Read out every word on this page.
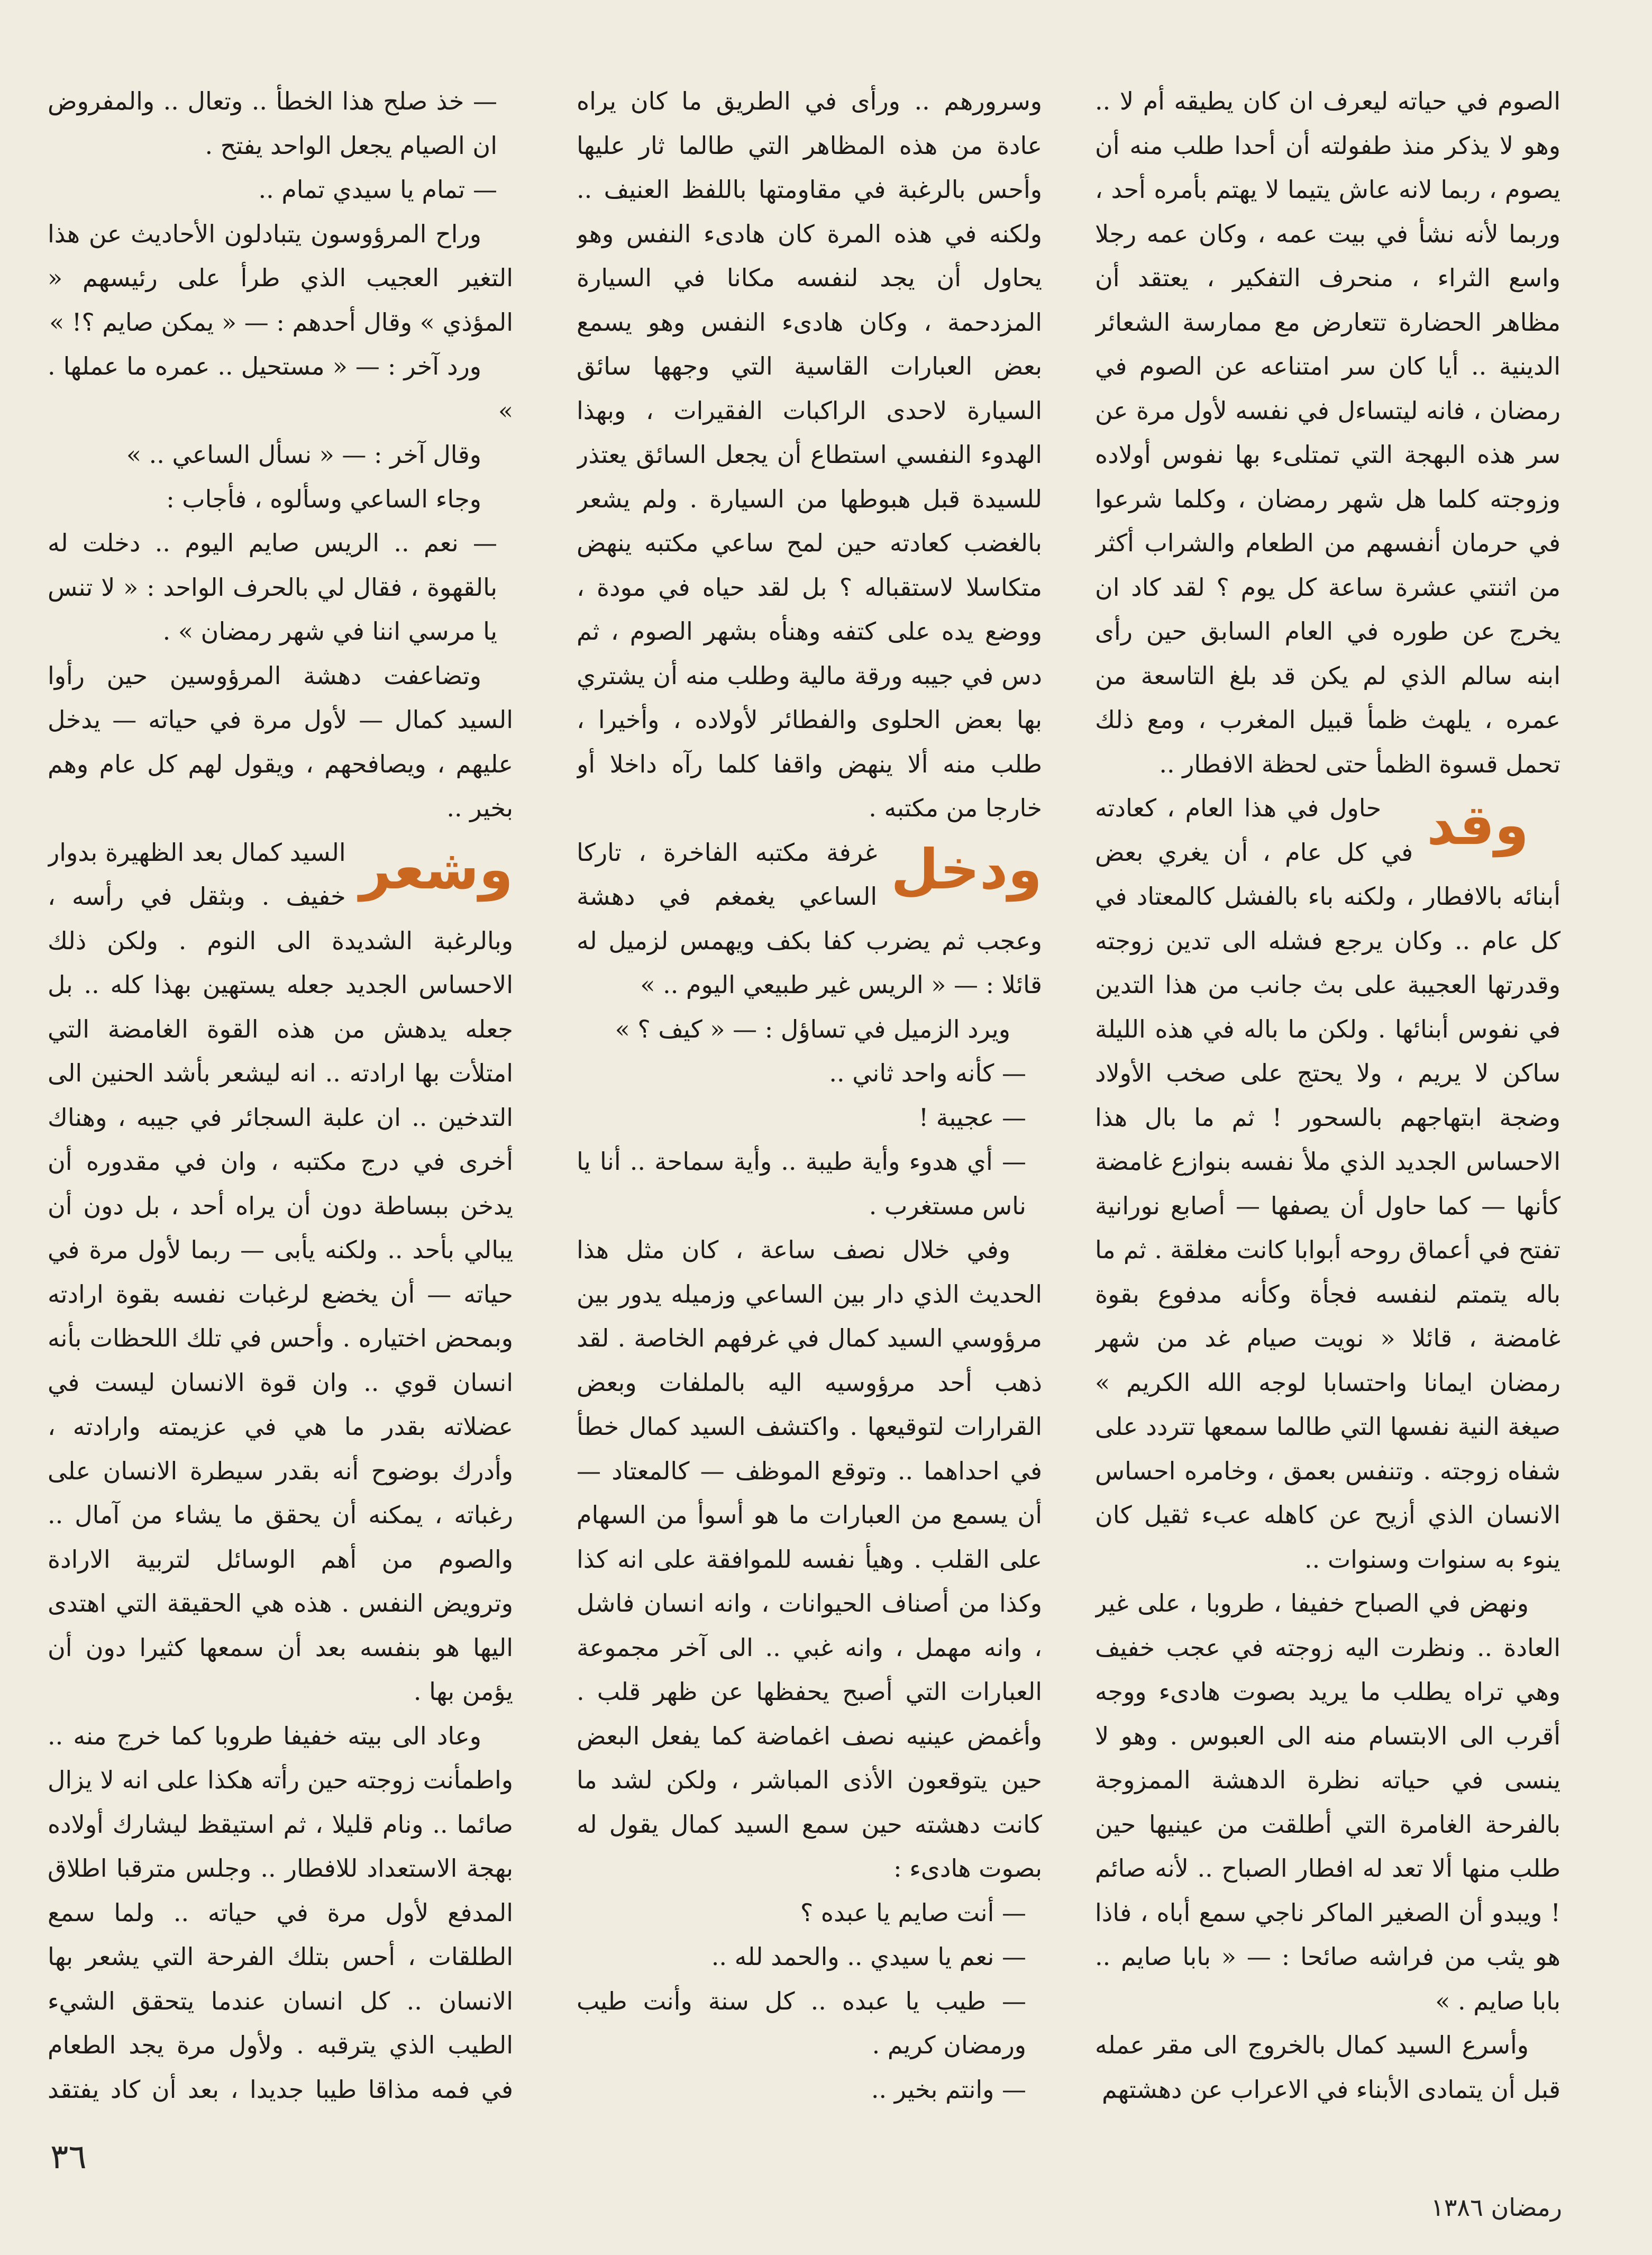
الصوم في حياته ليعرف ان كان يطيقه أم لا .. وهو لا يذكر منذ طفولته أن أحدا طلب منه أن يصوم ، ربما لانه عاش يتيما لا يهتم بأمره أحد ، وربما لأنه نشأ في بيت عمه ، وكان عمه رجلا واسع الثراء ، منحرف التفكير ، يعتقد أن مظاهر الحضارة تتعارض مع ممارسة الشعائر الدينية .. أيا كان سر امتناعه عن الصوم في رمضان ، فانه ليتساءل في نفسه لأول مرة عن سر هذه البهجة التي تمتلىء بها نفوس أولاده وزوجته كلما هل شهر رمضان ، وكلما شرعوا في حرمان أنفسهم من الطعام والشراب أكثر من اثنتي عشرة ساعة كل يوم ؟ لقد كاد ان يخرج عن طوره في العام السابق حين رأى ابنه سالم الذي لم يكن قد بلغ التاسعة من عمره ، يلهث ظمأ قبيل المغرب ، ومع ذلك تحمل قسوة الظمأ حتى لحظة الافطار ..

وقد
حاول في هذا العام ، كعادته في كل عام ، أن يغري بعض أبنائه بالافطار ، ولكنه باء بالفشل كالمعتاد في كل عام .. وكان يرجع فشله الى تدين زوجته وقدرتها العجيبة على بث جانب من هذا التدين في نفوس أبنائها . ولكن ما باله في هذه الليلة ساكن لا يريم ، ولا يحتج على صخب الأولاد وضجة ابتهاجهم بالسحور ! ثم ما بال هذا الاحساس الجديد الذي ملأ نفسه بنوازع غامضة كأنها — كما حاول أن يصفها — أصابع نورانية تفتح في أعماق روحه أبوابا كانت مغلقة . ثم ما باله يتمتم لنفسه فجأة وكأنه مدفوع بقوة غامضة ، قائلا « نويت صيام غد من شهر رمضان ايمانا واحتسابا لوجه الله الكريم » صيغة النية نفسها التي طالما سمعها تتردد على شفاه زوجته . وتنفس بعمق ، وخامره احساس الانسان الذي أزيح عن كاهله عبء ثقيل كان ينوء به سنوات وسنوات ..

ونهض في الصباح خفيفا ، طروبا ، على غير العادة .. ونظرت اليه زوجته في عجب خفيف وهي تراه يطلب ما يريد بصوت هادىء ووجه أقرب الى الابتسام منه الى العبوس . وهو لا ينسى في حياته نظرة الدهشة الممزوجة بالفرحة الغامرة التي أطلقت من عينيها حين طلب منها ألا تعد له افطار الصباح .. لأنه صائم ! ويبدو أن الصغير الماكر ناجي سمع أباه ، فاذا هو يثب من فراشه صائحا : — « بابا صايم .. بابا صايم . »

وأسرع السيد كمال بالخروج الى مقر عمله قبل أن يتمادى الأبناء في الاعراب عن دهشتهم

وسرورهم .. ورأى في الطريق ما كان يراه عادة من هذه المظاهر التي طالما ثار عليها وأحس بالرغبة في مقاومتها باللفظ العنيف .. ولكنه في هذه المرة كان هادىء النفس وهو يحاول أن يجد لنفسه مكانا في السيارة المزدحمة ، وكان هادىء النفس وهو يسمع بعض العبارات القاسية التي وجهها سائق السيارة لاحدى الراكبات الفقيرات ، وبهذا الهدوء النفسي استطاع أن يجعل السائق يعتذر للسيدة قبل هبوطها من السيارة . ولم يشعر بالغضب كعادته حين لمح ساعي مكتبه ينهض متكاسلا لاستقباله ؟ بل لقد حياه في مودة ، ووضع يده على كتفه وهنأه بشهر الصوم ، ثم دس في جيبه ورقة مالية وطلب منه أن يشتري بها بعض الحلوى والفطائر لأولاده ، وأخيرا ، طلب منه ألا ينهض واقفا كلما رآه داخلا أو خارجا من مكتبه .

ودخل
غرفة مكتبه الفاخرة ، تاركا الساعي يغمغم في دهشة وعجب ثم يضرب كفا بكف ويهمس لزميل له قائلا : — « الريس غير طبيعي اليوم .. »

ويرد الزميل في تساؤل : — « كيف ؟ »

— كأنه واحد ثاني ..

— عجيبة !

— أي هدوء وأية طيبة .. وأية سماحة .. أنا يا ناس مستغرب .

وفي خلال نصف ساعة ، كان مثل هذا الحديث الذي دار بين الساعي وزميله يدور بين مرؤوسي السيد كمال في غرفهم الخاصة . لقد ذهب أحد مرؤوسيه اليه بالملفات وبعض القرارات لتوقيعها . واكتشف السيد كمال خطأ في احداهما .. وتوقع الموظف — كالمعتاد — أن يسمع من العبارات ما هو أسوأ من السهام على القلب . وهيأ نفسه للموافقة على انه كذا وكذا من أصناف الحيوانات ، وانه انسان فاشل ، وانه مهمل ، وانه غبي .. الى آخر مجموعة العبارات التي أصبح يحفظها عن ظهر قلب . وأغمض عينيه نصف اغماضة كما يفعل البعض حين يتوقعون الأذى المباشر ، ولكن لشد ما كانت دهشته حين سمع السيد كمال يقول له بصوت هادىء :

— أنت صايم يا عبده ؟

— نعم يا سيدي .. والحمد لله ..

— طيب يا عبده .. كل سنة وأنت طيب ورمضان كريم .

— وانتم بخير ..

— خذ صلح هذا الخطأ .. وتعال .. والمفروض ان الصيام يجعل الواحد يفتح .

— تمام يا سيدي تمام ..

وراح المرؤوسون يتبادلون الأحاديث عن هذا التغير العجيب الذي طرأ على رئيسهم « المؤذي » وقال أحدهم : — « يمكن صايم ؟! »

ورد آخر : — « مستحيل .. عمره ما عملها . »

وقال آخر : — « نسأل الساعي .. »

وجاء الساعي وسألوه ، فأجاب :

— نعم .. الريس صايم اليوم .. دخلت له بالقهوة ، فقال لي بالحرف الواحد : « لا تنس يا مرسي اننا في شهر رمضان » .

وتضاعفت دهشة المرؤوسين حين رأوا السيد كمال — لأول مرة في حياته — يدخل عليهم ، ويصافحهم ، ويقول لهم كل عام وهم بخير ..

وشعر
السيد كمال بعد الظهيرة بدوار خفيف . وبثقل في رأسه ، وبالرغبة الشديدة الى النوم . ولكن ذلك الاحساس الجديد جعله يستهين بهذا كله .. بل جعله يدهش من هذه القوة الغامضة التي امتلأت بها ارادته .. انه ليشعر بأشد الحنين الى التدخين .. ان علبة السجائر في جيبه ، وهناك أخرى في درج مكتبه ، وان في مقدوره أن يدخن ببساطة دون أن يراه أحد ، بل دون أن يبالي بأحد .. ولكنه يأبى — ربما لأول مرة في حياته — أن يخضع لرغبات نفسه بقوة ارادته وبمحض اختياره . وأحس في تلك اللحظات بأنه انسان قوي .. وان قوة الانسان ليست في عضلاته بقدر ما هي في عزيمته وارادته ، وأدرك بوضوح أنه بقدر سيطرة الانسان على رغباته ، يمكنه أن يحقق ما يشاء من آمال .. والصوم من أهم الوسائل لتربية الارادة وترويض النفس . هذه هي الحقيقة التي اهتدى اليها هو بنفسه بعد أن سمعها كثيرا دون أن يؤمن بها .

وعاد الى بيته خفيفا طروبا كما خرج منه .. واطمأنت زوجته حين رأته هكذا على انه لا يزال صائما .. ونام قليلا ، ثم استيقظ ليشارك أولاده بهجة الاستعداد للافطار .. وجلس مترقبا اطلاق المدفع لأول مرة في حياته .. ولما سمع الطلقات ، أحس بتلك الفرحة التي يشعر بها الانسان .. كل انسان عندما يتحقق الشيء الطيب الذي يترقبه . ولأول مرة يجد الطعام في فمه مذاقا طيبا جديدا ، بعد أن كاد يفتقد

٣٦
رمضان ١٣٨٦
